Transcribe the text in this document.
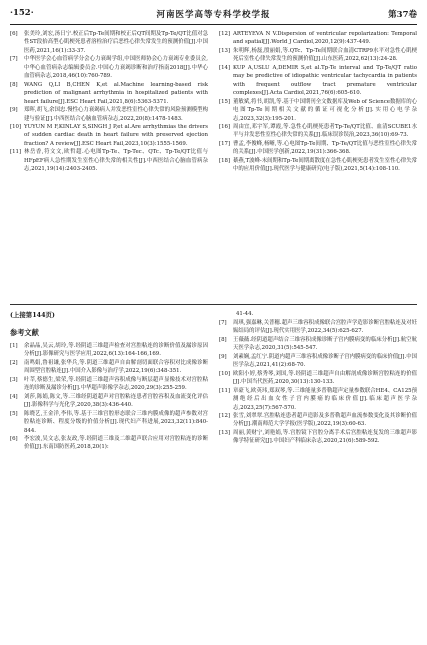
·152·	河南医学高等专科学校学报	第37卷
[6] 张美玲,刘宏,汤日宁.校正后Tp-Te间期和校正后QT间期及Tp-Te/QT比值对急性ST段抬高型心肌梗死患者溶栓治疗后恶性心律失常发生的预测价值[J].中国医药,2021,16(1):33-37.
[7] 中华医学会心血管病学分会心力衰竭学组,中国医师协会心力衰竭专业委员会,中华心血管病杂志编辑委员会.中国心力衰竭诊断和治疗指南2018[J].中华心血管病杂志,2018,46(10):760-789.
[8] WANG Q,LI B,CHEN K,et al.Machine learning-based risk prediction of malignant arrhythmia in hospitalized patients with heart failure[J].ESC Heart Fail,2021,8(6):5363-5371.
[9] 郑晖,胡飞,余国忠.慢性心力衰竭病人并发恶性室性心律失常的风险预测模型构建与验证[J].中西医结合心脑血管病杂志,2022,20(8):1478-1483.
[10] YUYUN M F,KINLAY S,SINGH J P,et al.Are arrhythmias the drivers of sudden cardiac death in heart failure with preserved ejection fraction? A review[J].ESC Heart Fail,2023,10(3):1555-1569.
[11] 林岳香,符文文,欧哲超.心电图Tp-Te、Tp-Tec、QTc、Tp-Te/QT比值与HFpEF病人急性期发生室性心律失常的相关性[J].中西医结合心脑血管病杂志,2021,19(14):2403-2405.
[12] ARTEYEVA N V.Dispersion of ventricular repolarization: Temporal and spatial[J].World J Cardiol,2020,12(9):437-449.
[13] 朱明辉,杨磊,殷丽娟,等.QTc、Tp-Te间期联合血清CTRP9水平对急性心肌梗死后室性心律失常发生的预测价值[J].山东医药,2022,62(13):24-28.
[14] KUP A,USLU A,DEMIR S,et al.Tp-Te interval and Tp-Te/QT ratio may be predictive of idiopathic ventricular tachycardia in patients with frequent outflow tract premature ventricular complexes[J].Acta Cardiol,2021,76(6):605-610.
[15] 董敏斌,将书,胡凯,等.基于中国期刊全文数据库及Web of Science数据库的心电图Tp-Te间期相关文献的循证可视化分析[J].实用心电学杂志,2023,32(3):195-201.
[16] 周由宜,邓宇军,谭霞,等.急性心肌梗死患者Tp-Te/QT比值、血清SCUBE1水平与并发恶性室性心律失常的关系[J].临床误诊误治,2023,36(10):69-73.
[17] 曹孟,李俊峰,杨晰,等.心电图Tp-Te间期、Tp-Te/QT比值与恶性室性心律失常的关系[J].中国医学创新,2022,19(31):366-368.
[18] 綦燕,T波峰-末间期和Tp-Te间期离散度在急性心肌梗死患者发生室性心律失常中的应用价值[J].现代医学与健康研究(电子版),2021,5(14):108-110.
(上接第144页)
参考文献
41-44.
[1] 余晶晶,吴云,胡玲,等.经阴道三维超声检查对宫腔粘连的诊断价值及漏诊原因分析[J].影像研究与医学应用,2022,6(13):164-166,169.
[2] 南鸣娟,鲁祖谦,张华兵,等.阴道三维超声自由解剖切面联合容积对比成像诊断周围型宫腔粘连[J].中国介入影像与治疗学,2022,19(6):348-351.
[3] 叶莘,蔡德生,梁荣,等.经阴道三维超声容积成像与断层超声显像技术对宫腔粘连的诊断及漏诊分析[J].中华超声影像学杂志,2020,29(3):255-259.
[4] 刘莎,陈娟,陈文,等.三维经阴道超声对宫腔粘连患者宫腔容积及血流变化评估[J].影像科学与光化学,2020,38(3):436-440.
[5] 陈晓艺,王金洋,李伟,等.基于三维宫腔形态联合三维内膜成像的超声参数对宫腔粘连诊断、程度分级的价值分析[J].现代妇产科进展,2023,32(11):840-844.
[6] 李宏波,吴文志,张友政,等.经阴道三维及二维超声联合应用对宫腔粘连的诊断价值[J].东南国防医药,2018,20(1):
[7] 周琪,强嘉琳,关普穗.超声三维容积成像联合宫腔声学造影诊断宫腔粘连及对妊娠结局的评估[J].现代实用医学,2022,34(5):625-627.
[8] 王薇薇.经阴道超声结合三维容积成像诊断子宫内膜病变的临床分析[J].航空航天医学杂志,2020,31(5):545-547.
[9] 刘素娴,孟红宁.阴道内超声三维容积成像诊断子宫内膜病变的临床价值[J].中国医学杂志,2021,41(2):68-70.
[10] 欧阳小婷,蔡秀琴,刘国,等.经阴道三维超声自由解剖成像诊断宫腔粘连的价值[J].中国当代医药,2020,30(13):130-133.
[11] 章豪飞,欧英玮,郑双琴,等.三维能量多普勒超声定量参数联合HE4、CA125预测绝经后出血女性子宫内膜癌的临床价值[J].临床超声医学杂志,2023,25(7):567-570.
[12] 张雪,刘翠翠.宫腔粘连患者超声造影及多普勒超声血流参数变化及其诊断价值分析[J].潮南师范大学学报(医学版),2022,19(3):60-63.
[13] 周丽,黄财宁,刘艳娟,等.宫腔镜下宫腔分离手术后宫腔粘连复发的三维超声影像学特征研究[J].中国妇产科临床杂志,2020,21(6):589-592.
